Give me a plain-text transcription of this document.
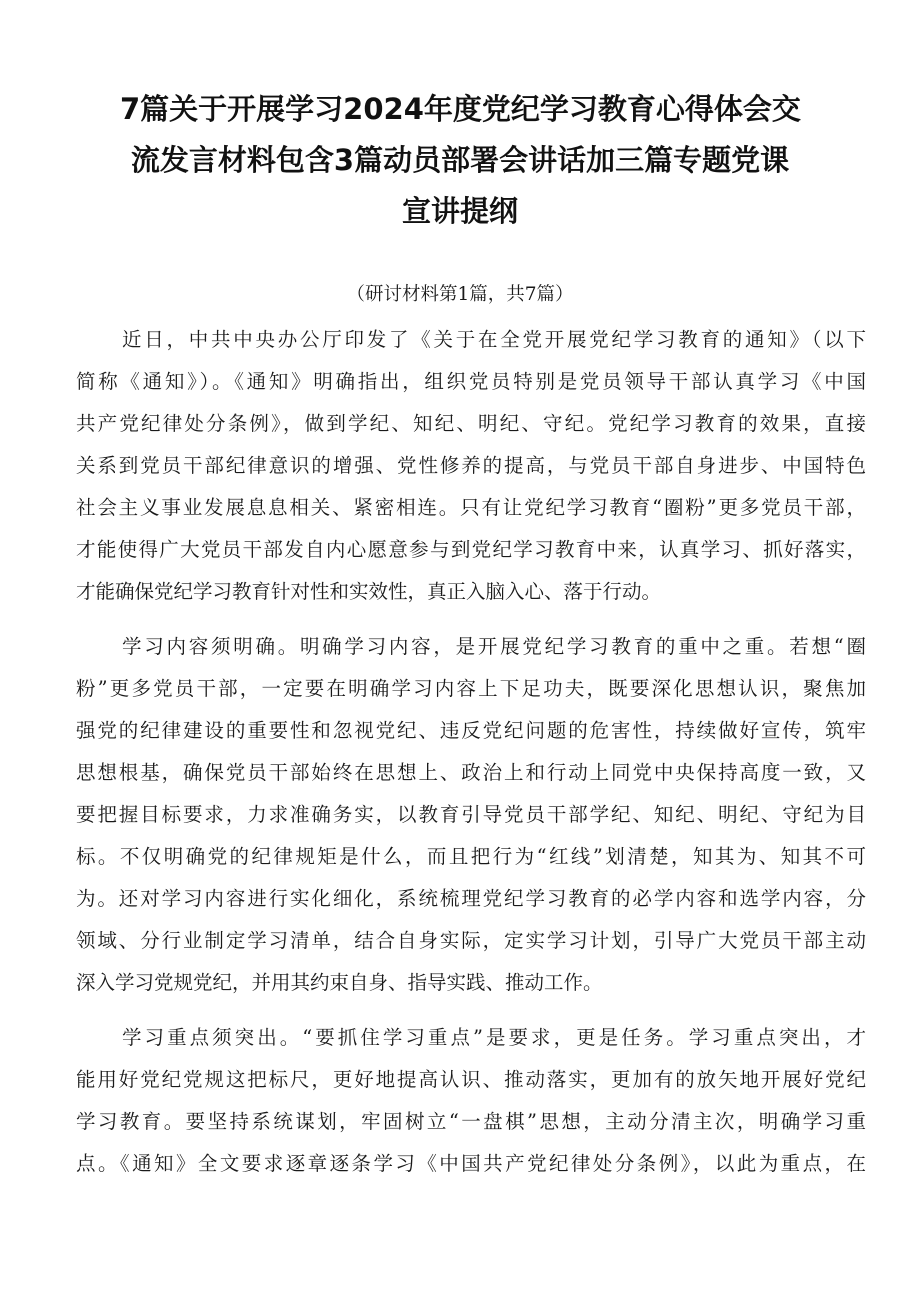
7篇关于开展学习2024年度党纪学习教育心得体会交
流发言材料包含3篇动员部署会讲话加三篇专题党课
宣讲提纲
（研讨材料第1篇，共7篇）
近日，中共中央办公厅印发了《关于在全党开展党纪学习教育的通知》（以下
简称《通知》）。《通知》明确指出，组织党员特别是党员领导干部认真学习《中国
共产党纪律处分条例》，做到学纪、知纪、明纪、守纪。党纪学习教育的效果，直接
关系到党员干部纪律意识的增强、党性修养的提高，与党员干部自身进步、中国特色
社会主义事业发展息息相关、紧密相连。只有让党纪学习教育“圈粉”更多党员干部，
才能使得广大党员干部发自内心愿意参与到党纪学习教育中来，认真学习、抓好落实，
才能确保党纪学习教育针对性和实效性，真正入脑入心、落于行动。
学习内容须明确。明确学习内容，是开展党纪学习教育的重中之重。若想“圈
粉”更多党员干部，一定要在明确学习内容上下足功夫，既要深化思想认识，聚焦加
强党的纪律建设的重要性和忽视党纪、违反党纪问题的危害性，持续做好宣传，筑牢
思想根基，确保党员干部始终在思想上、政治上和行动上同党中央保持高度一致，又
要把握目标要求，力求准确务实，以教育引导党员干部学纪、知纪、明纪、守纪为目
标。不仅明确党的纪律规矩是什么，而且把行为“红线”划清楚，知其为、知其不可
为。还对学习内容进行实化细化，系统梳理党纪学习教育的必学内容和选学内容，分
领域、分行业制定学习清单，结合自身实际，定实学习计划，引导广大党员干部主动
深入学习党规党纪，并用其约束自身、指导实践、推动工作。
学习重点须突出。“要抓住学习重点”是要求，更是任务。学习重点突出，才
能用好党纪党规这把标尺，更好地提高认识、推动落实，更加有的放矢地开展好党纪
学习教育。要坚持系统谋划，牢固树立“一盘棋”思想，主动分清主次，明确学习重
点。《通知》全文要求逐章逐条学习《中国共产党纪律处分条例》，以此为重点，在
